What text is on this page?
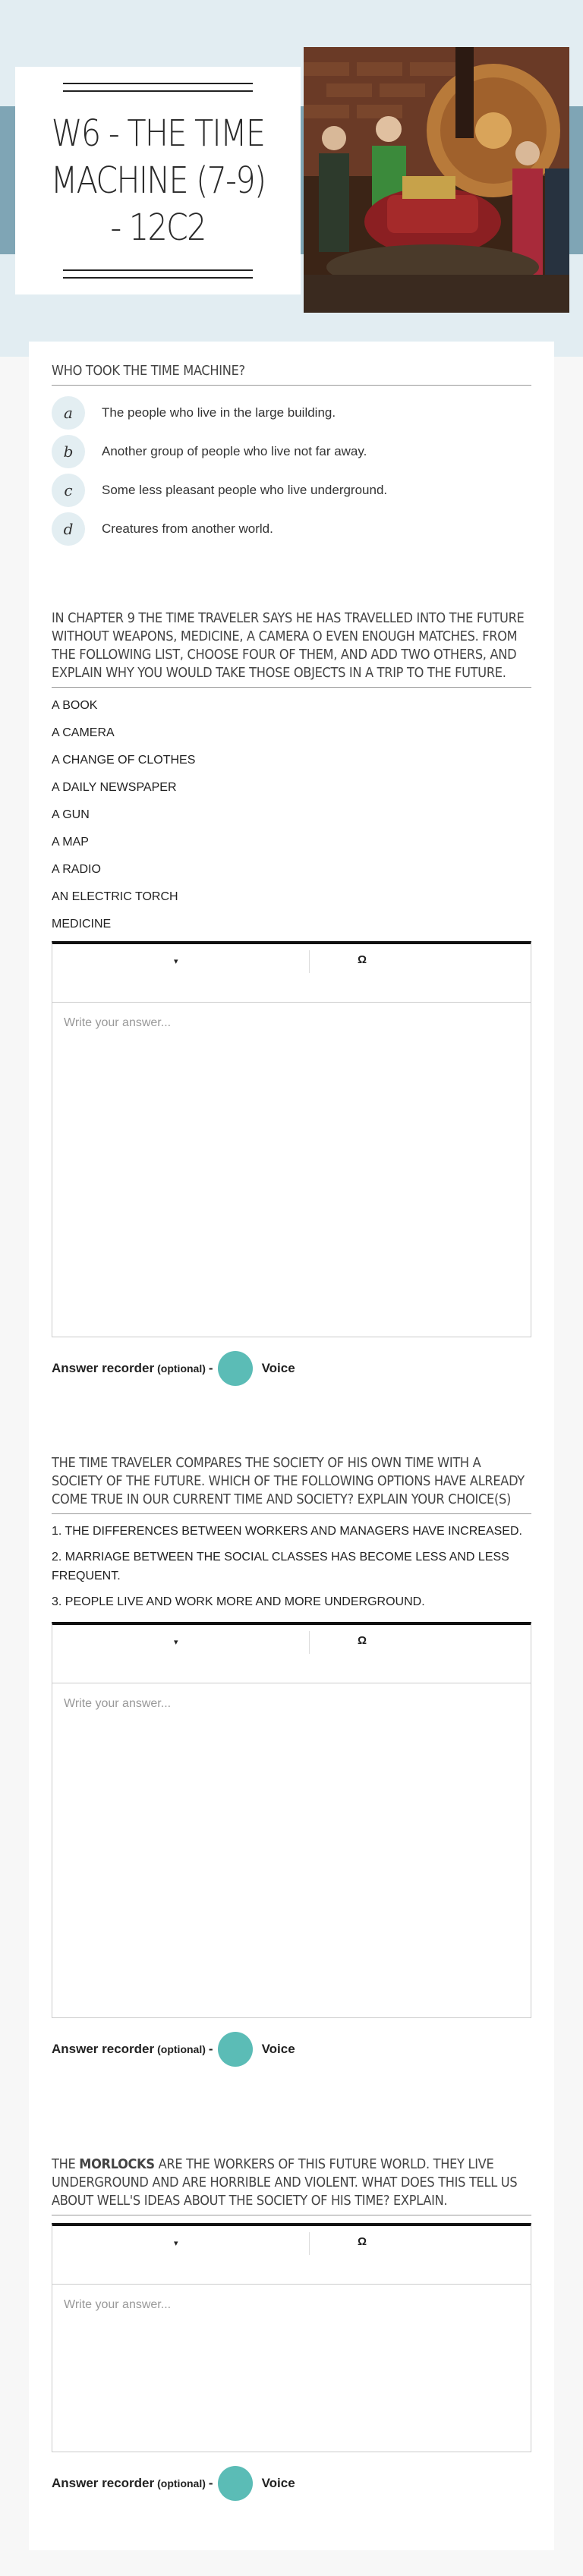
W6 - THE TIME MACHINE (7-9) - 12C2
WHO TOOK THE TIME MACHINE?
a	The people who live in the large building.
b	Another group of people who live not far away.
c	Some less pleasant people who live underground.
d	Creatures from another world.
IN CHAPTER 9 THE TIME TRAVELER SAYS HE HAS TRAVELLED INTO THE FUTURE WITHOUT WEAPONS, MEDICINE, A CAMERA O EVEN ENOUGH MATCHES. FROM THE FOLLOWING LIST, CHOOSE FOUR OF THEM, AND ADD TWO OTHERS, AND EXPLAIN WHY YOU WOULD TAKE THOSE OBJECTS IN A TRIP TO THE FUTURE.
A BOOK
A CAMERA
A CHANGE OF CLOTHES
A DAILY NEWSPAPER
A GUN
A MAP
A RADIO
AN ELECTRIC TORCH
MEDICINE
▾	Ω
Write your answer...
Answer recorder (optional) -	Voice
THE TIME TRAVELER COMPARES THE SOCIETY OF HIS OWN TIME WITH A SOCIETY OF THE FUTURE. WHICH OF THE FOLLOWING OPTIONS HAVE ALREADY COME TRUE IN OUR CURRENT TIME AND SOCIETY? EXPLAIN YOUR CHOICE(S)
1. THE DIFFERENCES BETWEEN WORKERS AND MANAGERS HAVE INCREASED.
2. MARRIAGE BETWEEN THE SOCIAL CLASSES HAS BECOME LESS AND LESS FREQUENT.
3. PEOPLE LIVE AND WORK MORE AND MORE UNDERGROUND.
▾	Ω
Write your answer...
Answer recorder (optional) -	Voice
THE MORLOCKS ARE THE WORKERS OF THIS FUTURE WORLD. THEY LIVE UNDERGROUND AND ARE HORRIBLE AND VIOLENT. WHAT DOES THIS TELL US ABOUT WELL'S IDEAS ABOUT THE SOCIETY OF HIS TIME? EXPLAIN.
▾	Ω
Write your answer...
Answer recorder (optional) -	Voice
